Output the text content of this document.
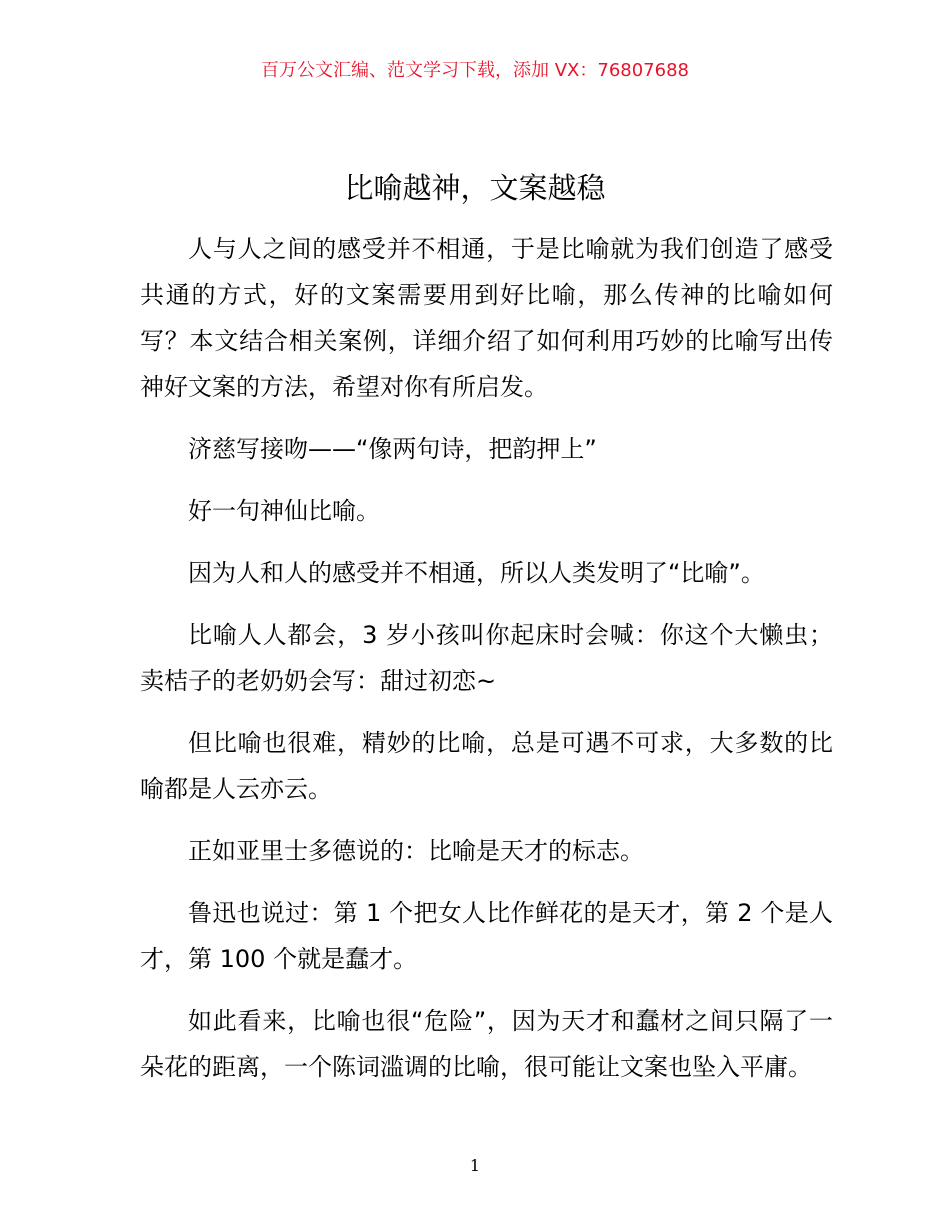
百万公文汇编、范文学习下载，添加 VX：76807688
比喻越神，文案越稳

人与人之间的感受并不相通，于是比喻就为我们创造了感受共通的方式，好的文案需要用到好比喻，那么传神的比喻如何写？本文结合相关案例，详细介绍了如何利用巧妙的比喻写出传神好文案的方法，希望对你有所启发。

济慈写接吻——“像两句诗，把韵押上”

好一句神仙比喻。

因为人和人的感受并不相通，所以人类发明了“比喻”。

比喻人人都会，3 岁小孩叫你起床时会喊：你这个大懒虫；卖桔子的老奶奶会写：甜过初恋~

但比喻也很难，精妙的比喻，总是可遇不可求，大多数的比喻都是人云亦云。

正如亚里士多德说的：比喻是天才的标志。

鲁迅也说过：第 1 个把女人比作鲜花的是天才，第 2 个是人才，第 100 个就是蠢才。

如此看来，比喻也很“危险”，因为天才和蠢材之间只隔了一朵花的距离，一个陈词滥调的比喻，很可能让文案也坠入平庸。

1
